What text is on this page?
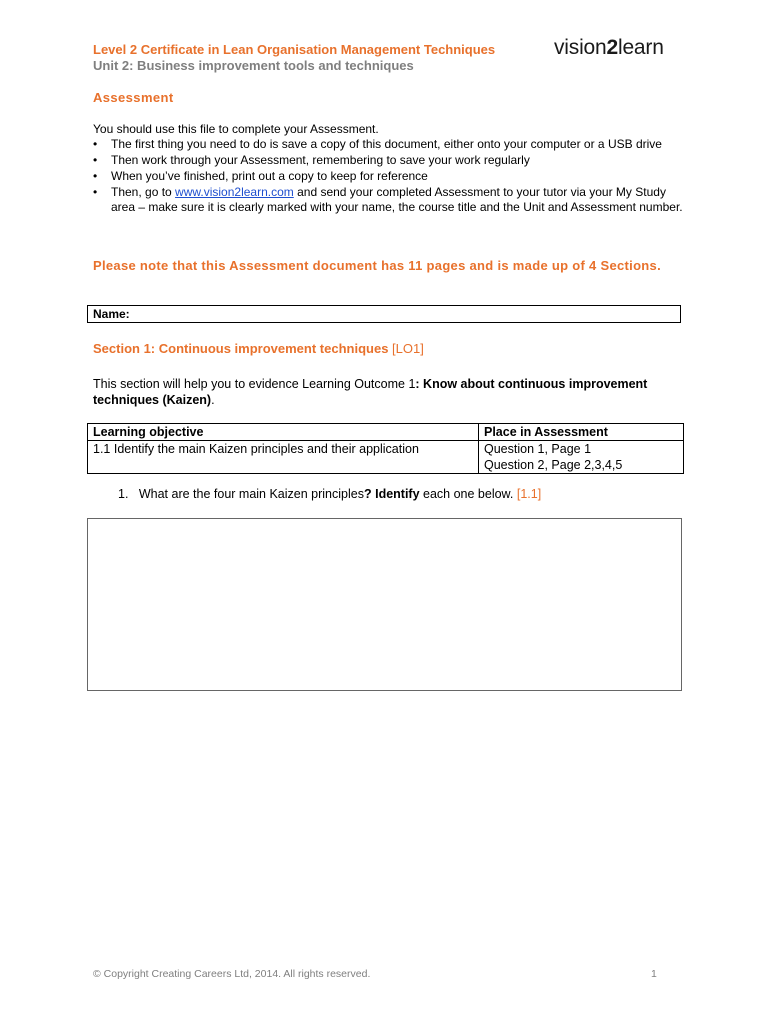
Level 2 Certificate in Lean Organisation Management Techniques
Unit 2: Business improvement tools and techniques
vision2learn
Assessment
You should use this file to complete your Assessment.
• The first thing you need to do is save a copy of this document, either onto your computer or a USB drive
• Then work through your Assessment, remembering to save your work regularly
• When you’ve finished, print out a copy to keep for reference
• Then, go to www.vision2learn.com and send your completed Assessment to your tutor via your My Study area – make sure it is clearly marked with your name, the course title and the Unit and Assessment number.
Please note that this Assessment document has 11 pages and is made up of 4 Sections.
Name:
Section 1: Continuous improvement techniques [LO1]
This section will help you to evidence Learning Outcome 1: Know about continuous improvement techniques (Kaizen).
Learning objective	Place in Assessment
1.1 Identify the main Kaizen principles and their application	Question 1, Page 1
Question 2, Page 2,3,4,5
1. What are the four main Kaizen principles? Identify each one below. [1.1]
© Copyright Creating Careers Ltd, 2014. All rights reserved.	1
